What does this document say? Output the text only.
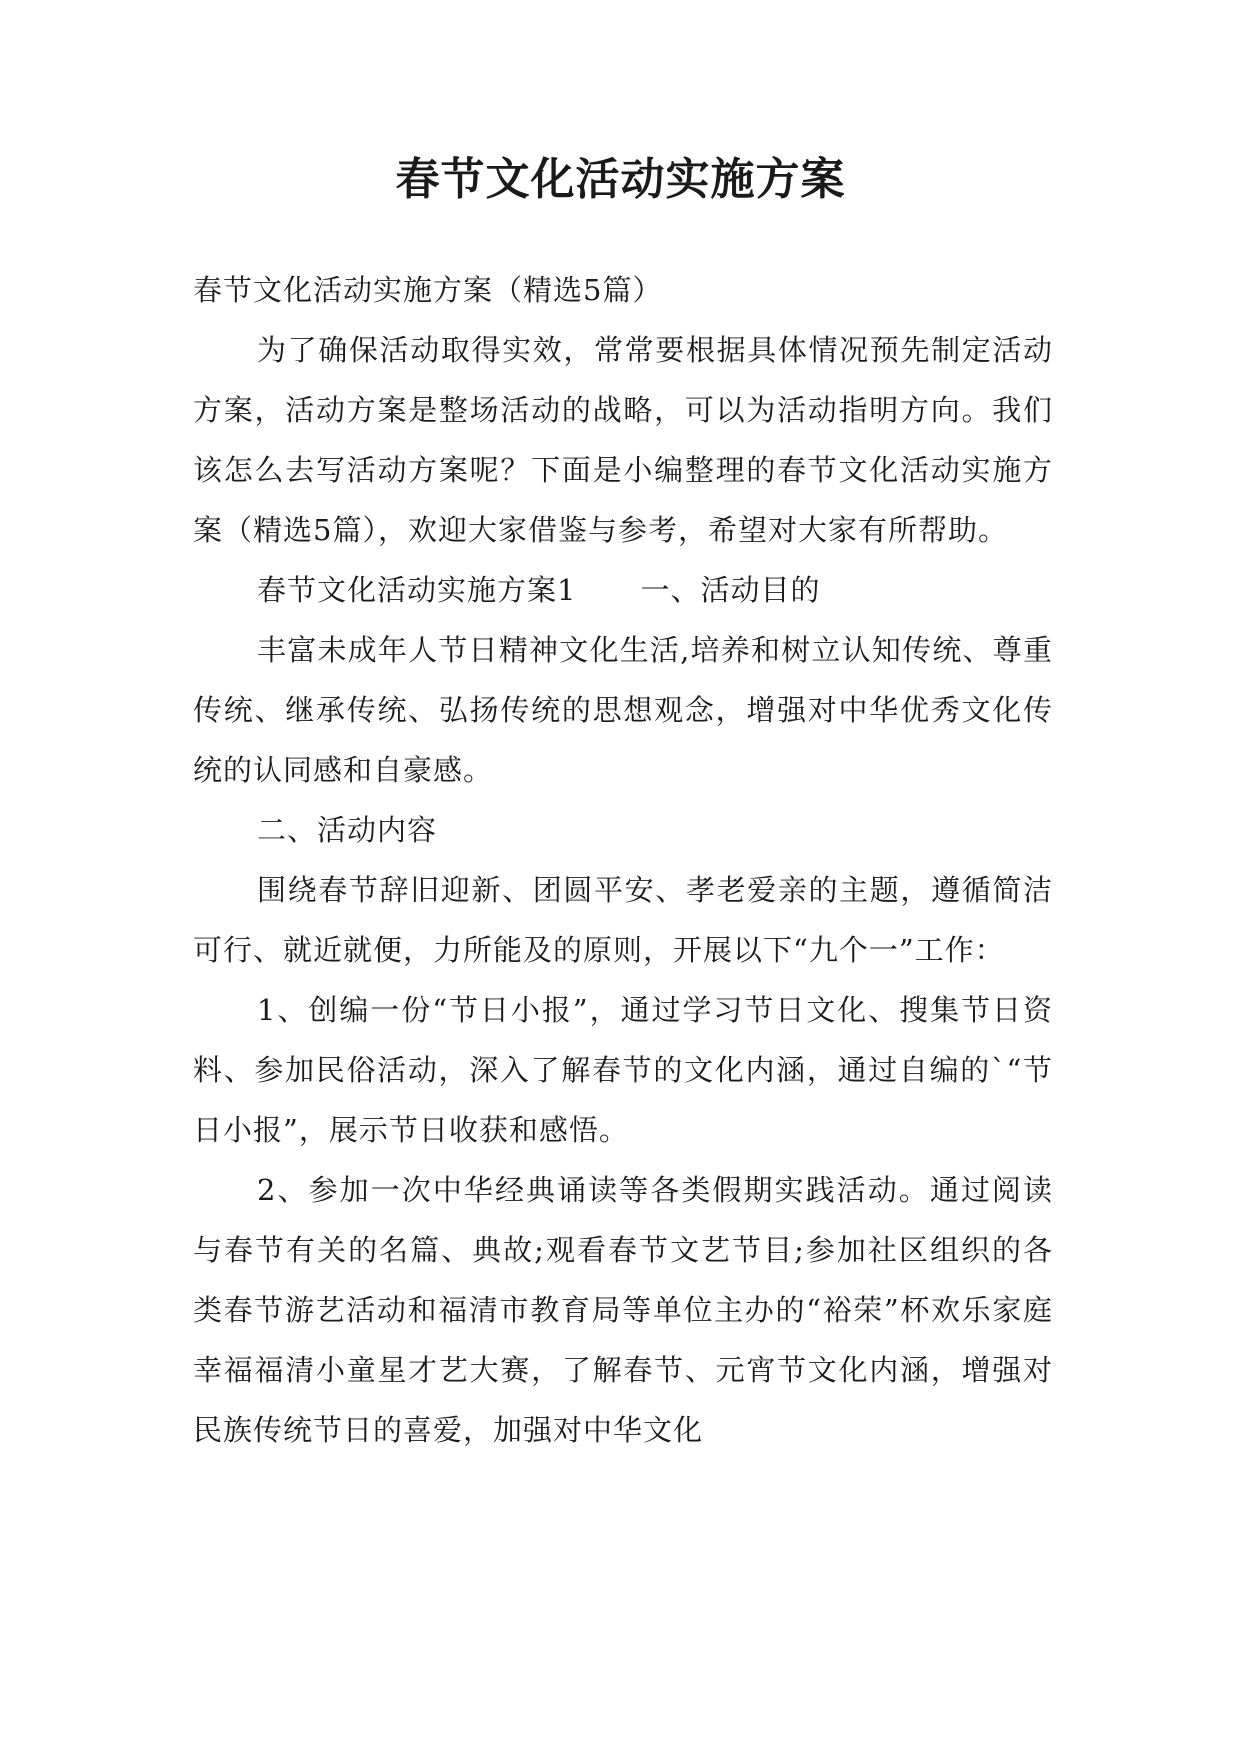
春节文化活动实施方案

春节文化活动实施方案（精选5篇）

为了确保活动取得实效，常常要根据具体情况预先制定活动方案，活动方案是整场活动的战略，可以为活动指明方向。我们该怎么去写活动方案呢？下面是小编整理的春节文化活动实施方案（精选5篇），欢迎大家借鉴与参考，希望对大家有所帮助。

春节文化活动实施方案1 一、活动目的

丰富未成年人节日精神文化生活,培养和树立认知传统、尊重传统、继承传统、弘扬传统的思想观念，增强对中华优秀文化传统的认同感和自豪感。

二、活动内容

围绕春节辞旧迎新、团圆平安、孝老爱亲的主题，遵循简洁可行、就近就便，力所能及的原则，开展以下“九个一”工作：

1、创编一份“节日小报”，通过学习节日文化、搜集节日资料、参加民俗活动，深入了解春节的文化内涵，通过自编的`“节日小报”，展示节日收获和感悟。

2、参加一次中华经典诵读等各类假期实践活动。通过阅读与春节有关的名篇、典故;观看春节文艺节目;参加社区组织的各类春节游艺活动和福清市教育局等单位主办的“裕荣”杯欢乐家庭幸福福清小童星才艺大赛，了解春节、元宵节文化内涵，增强对民族传统节日的喜爱，加强对中华文化
